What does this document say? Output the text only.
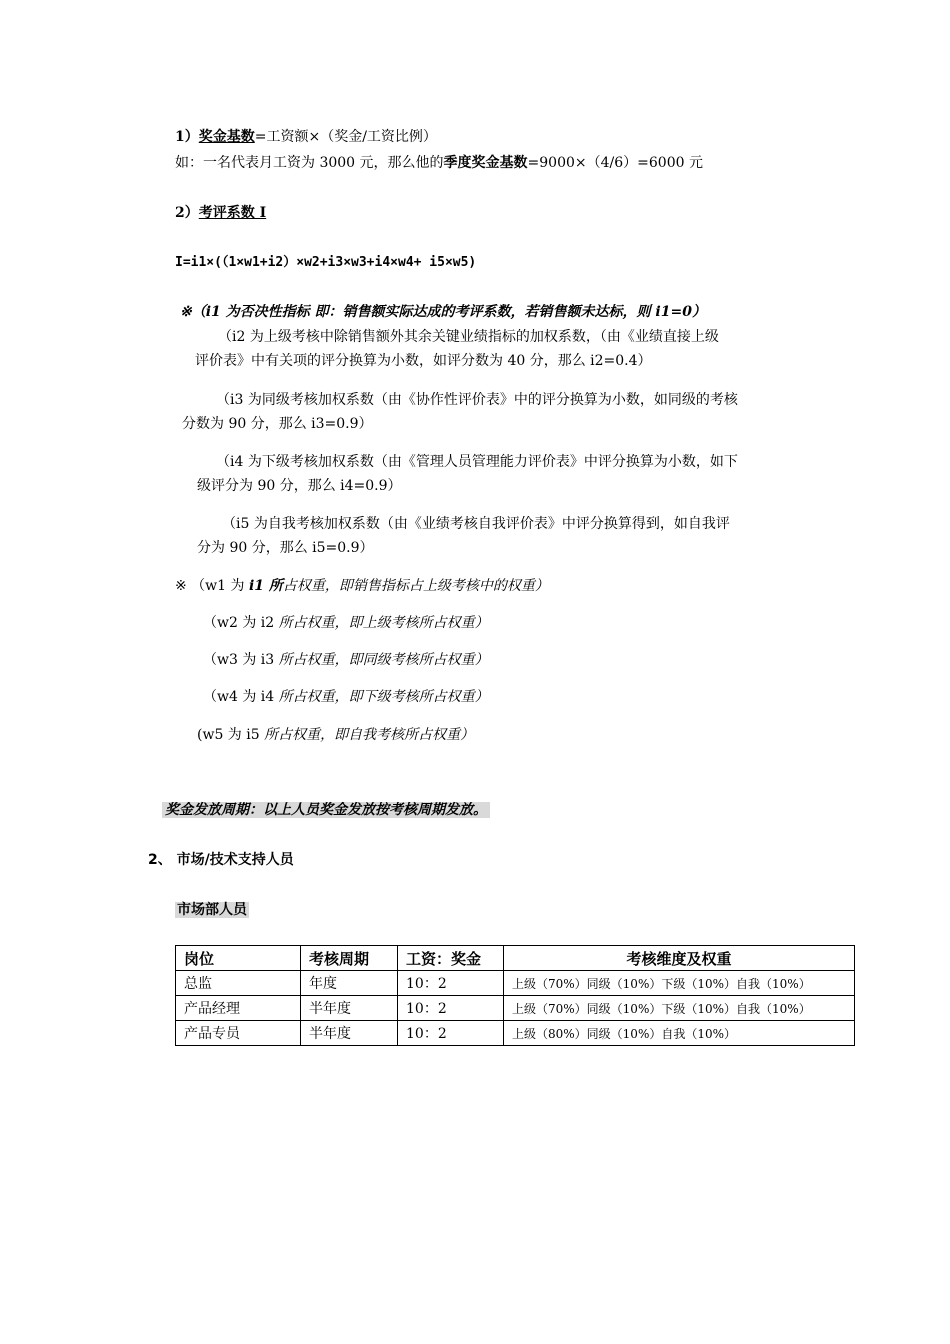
1）奖金基数=工资额×（奖金/工资比例）
如：一名代表月工资为 3000 元，那么他的季度奖金基数=9000×（4/6）=6000 元
2）考评系数 I
I=i1×(（1×w1+i2）×w2+i3×w3+i4×w4+ i5×w5)
※（i1 为否决性指标 即：销售额实际达成的考评系数，若销售额未达标，则 i1=0）
（i2 为上级考核中除销售额外其余关键业绩指标的加权系数，（由《业绩直接上级
评价表》中有关项的评分换算为小数，如评分数为 40 分，那么 i2=0.4）
（i3 为同级考核加权系数（由《协作性评价表》中的评分换算为小数，如同级的考核
分数为 90 分，那么 i3=0.9）
（i4 为下级考核加权系数（由《管理人员管理能力评价表》中评分换算为小数，如下
级评分为 90 分，那么 i4=0.9）
（i5 为自我考核加权系数（由《业绩考核自我评价表》中评分换算得到，如自我评
分为 90 分，那么 i5=0.9）
※ （w1 为 i1 所占权重，即销售指标占上级考核中的权重）
（w2 为 i2 所占权重，即上级考核所占权重）
（w3 为 i3 所占权重，即同级考核所占权重）
（w4 为 i4 所占权重，即下级考核所占权重）
(w5 为 i5 所占权重，即自我考核所占权重）
奖金发放周期：以上人员奖金发放按考核周期发放。
2、 市场/技术支持人员
市场部人员
岗位	考核周期	工资：奖金	考核维度及权重
总监	年度	10：2	上级（70%）同级（10%）下级（10%）自我（10%）
产品经理	半年度	10：2	上级（70%）同级（10%）下级（10%）自我（10%）
产品专员	半年度	10：2	上级（80%）同级（10%）自我（10%）
